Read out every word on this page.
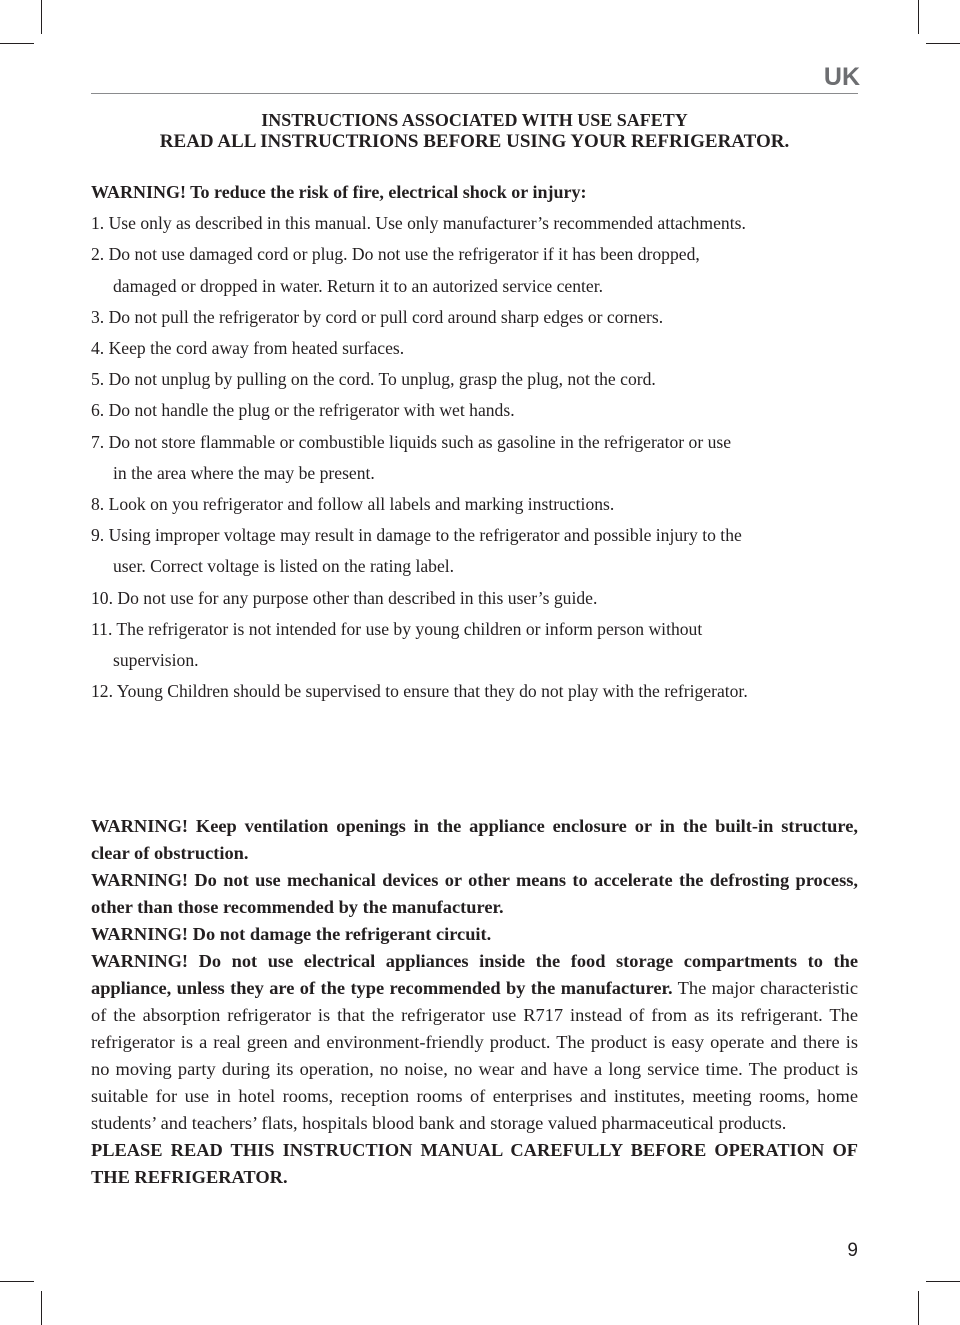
UK
INSTRUCTIONS ASSOCIATED WITH USE SAFETY
READ ALL INSTRUCTRIONS BEFORE USING YOUR REFRIGERATOR.
WARNING! To reduce the risk of fire, electrical shock or injury:
1. Use only as described in this manual. Use only manufacturer’s recommended attachments.
2. Do not use damaged cord or plug. Do not use the refrigerator if it has been dropped,
damaged or dropped in water. Return it to an autorized service center.
3. Do not pull the refrigerator by cord or pull cord around sharp edges or corners.
4. Keep the cord away from heated surfaces.
5. Do not unplug by pulling on the cord. To unplug, grasp the plug, not the cord.
6. Do not handle the plug or the refrigerator with wet hands.
7. Do not store flammable or combustible liquids such as gasoline in the refrigerator or use
in the area where the may be present.
8. Look on you refrigerator and follow all labels and marking instructions.
9. Using improper voltage may result in damage to the refrigerator and possible injury to the
user. Correct voltage is listed on the rating label.
10. Do not use for any purpose other than described in this user’s guide.
11. The refrigerator is not intended for use by young children or inform person without
supervision.
12. Young Children should be supervised to ensure that they do not play with the refrigerator.

WARNING! Keep ventilation openings in the appliance enclosure or in the built-in structure, clear of obstruction.

WARNING! Do not use mechanical devices or other means to accelerate the defrosting process, other than those recommended by the manufacturer.

WARNING! Do not damage the refrigerant circuit.

WARNING! Do not use electrical appliances inside the food storage compartments to the appliance, unless they are of the type recommended by the manufacturer. The major characteristic of the absorption refrigerator is that the refrigerator use R717 instead of from as its refrigerant. The refrigerator is a real green and environment-friendly product. The product is easy operate and there is no moving party during its operation, no noise, no wear and have a long service time. The product is suitable for use in hotel rooms, reception rooms of enterprises and institutes, meeting rooms, home students’ and teachers’ flats, hospitals blood bank and storage valued pharmaceutical products.

PLEASE READ THIS INSTRUCTION MANUAL CAREFULLY BEFORE OPERATION OF THE REFRIGERATOR.

9
